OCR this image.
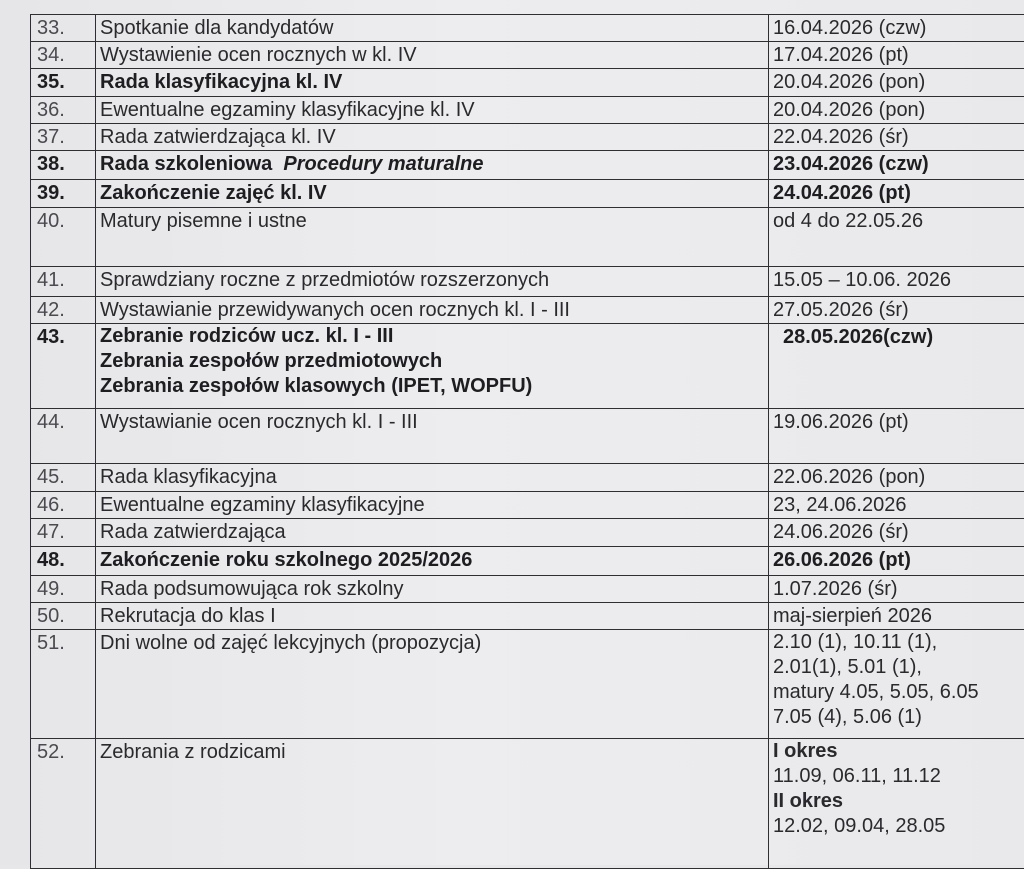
33.	Spotkanie dla kandydatów	16.04.2026 (czw)
34.	Wystawienie ocen rocznych w kl. IV	17.04.2026 (pt)
35.	Rada klasyfikacyjna kl. IV	20.04.2026 (pon)
36.	Ewentualne egzaminy klasyfikacyjne kl. IV	20.04.2026 (pon)
37.	Rada zatwierdzająca kl. IV	22.04.2026 (śr)
38.	Rada szkoleniowa Procedury maturalne	23.04.2026 (czw)
39.	Zakończenie zajęć kl. IV	24.04.2026 (pt)
40.	Matury pisemne i ustne	od 4 do 22.05.26
41.	Sprawdziany roczne z przedmiotów rozszerzonych	15.05 – 10.06. 2026
42.	Wystawianie przewidywanych ocen rocznych kl. I - III	27.05.2026 (śr)
43.	Zebranie rodziców ucz. kl. I - III
Zebrania zespołów przedmiotowych
Zebrania zespołów klasowych (IPET, WOPFU)	28.05.2026(czw)
44.	Wystawianie ocen rocznych kl. I - III	19.06.2026 (pt)
45.	Rada klasyfikacyjna	22.06.2026 (pon)
46.	Ewentualne egzaminy klasyfikacyjne	23, 24.06.2026
47.	Rada zatwierdzająca	24.06.2026 (śr)
48.	Zakończenie roku szkolnego 2025/2026	26.06.2026 (pt)
49.	Rada podsumowująca rok szkolny	1.07.2026 (śr)
50.	Rekrutacja do klas I	maj-sierpień 2026
51.	Dni wolne od zajęć lekcyjnych (propozycja)	2.10 (1), 10.11 (1),
2.01(1), 5.01 (1),
matury 4.05, 5.05, 6.05
7.05 (4), 5.06 (1)

52.	Zebrania z rodzicami	I okres
11.09, 06.11, 11.12
II okres
12.02, 09.04, 28.05
